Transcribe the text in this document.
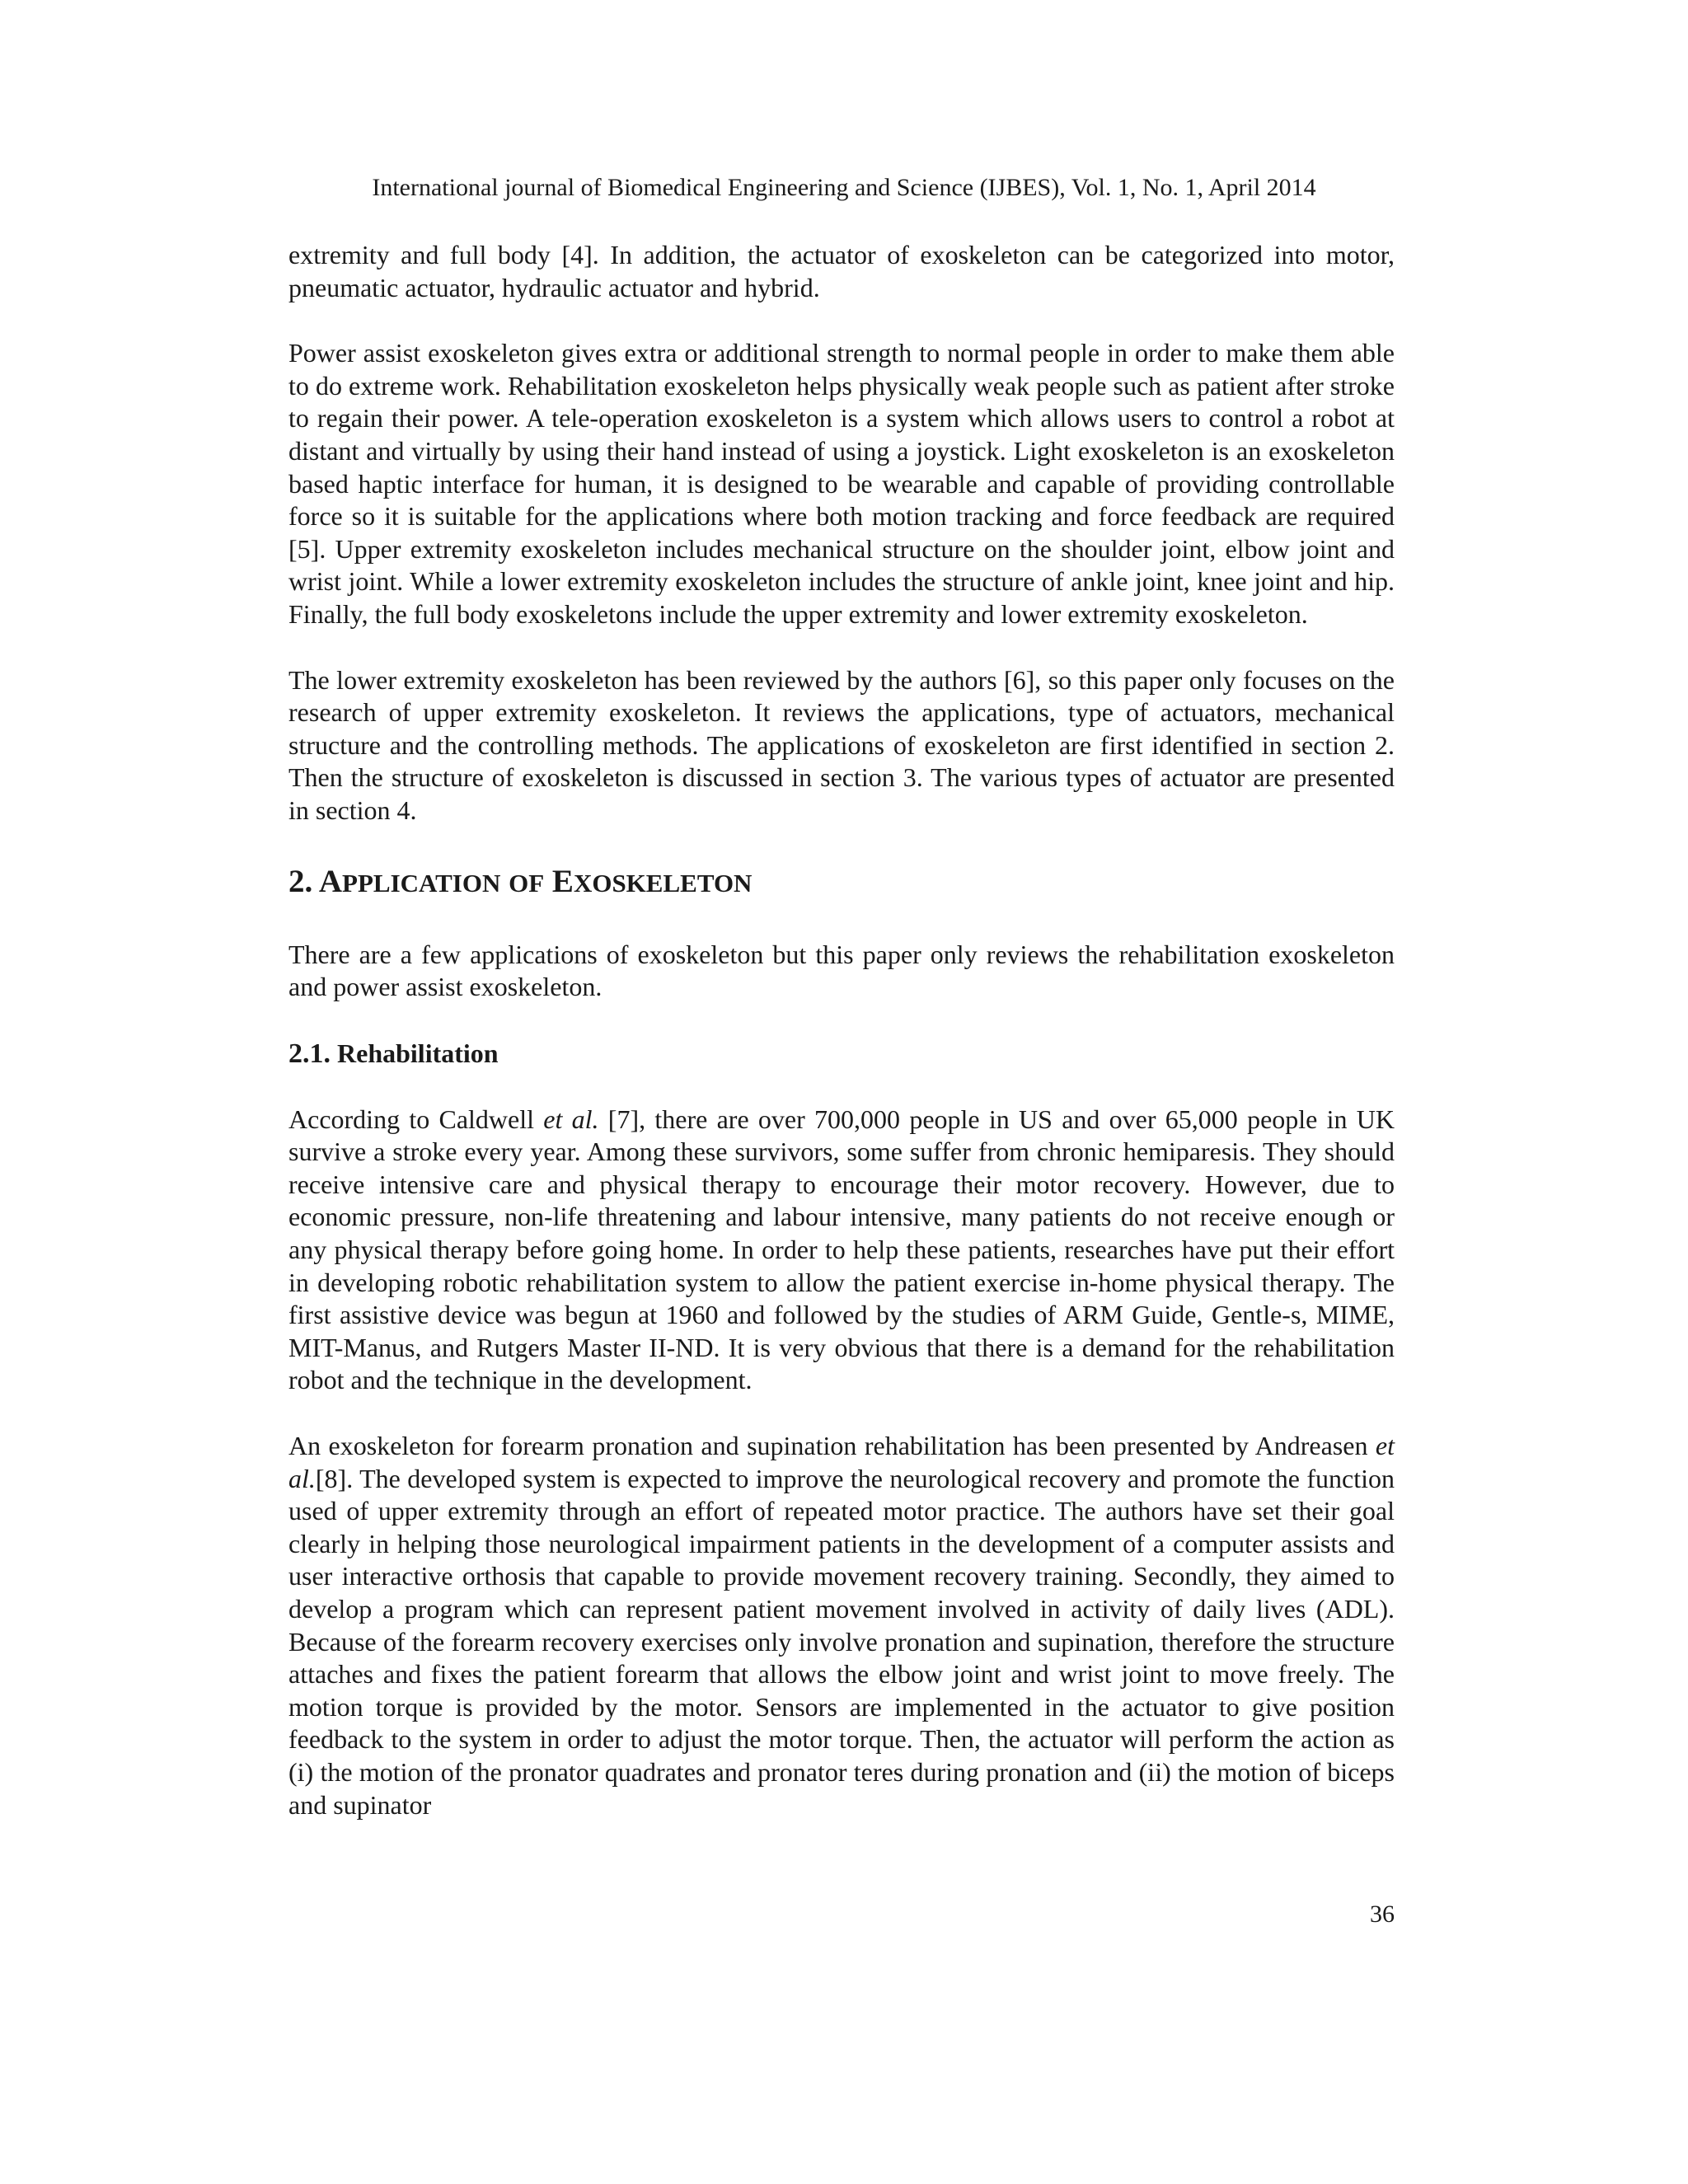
International journal of Biomedical Engineering and Science (IJBES), Vol. 1, No. 1, April 2014

extremity and full body [4]. In addition, the actuator of exoskeleton can be categorized into motor, pneumatic actuator, hydraulic actuator and hybrid.

Power assist exoskeleton gives extra or additional strength to normal people in order to make them able to do extreme work. Rehabilitation exoskeleton helps physically weak people such as patient after stroke to regain their power. A tele-operation exoskeleton is a system which allows users to control a robot at distant and virtually by using their hand instead of using a joystick. Light exoskeleton is an exoskeleton based haptic interface for human, it is designed to be wearable and capable of providing controllable force so it is suitable for the applications where both motion tracking and force feedback are required [5]. Upper extremity exoskeleton includes mechanical structure on the shoulder joint, elbow joint and wrist joint. While a lower extremity exoskeleton includes the structure of ankle joint, knee joint and hip. Finally, the full body exoskeletons include the upper extremity and lower extremity exoskeleton.

The lower extremity exoskeleton has been reviewed by the authors [6], so this paper only focuses on the research of upper extremity exoskeleton. It reviews the applications, type of actuators, mechanical structure and the controlling methods. The applications of exoskeleton are first identified in section 2. Then the structure of exoskeleton is discussed in section 3. The various types of actuator are presented in section 4.

2. APPLICATION OF EXOSKELETON

There are a few applications of exoskeleton but this paper only reviews the rehabilitation exoskeleton and power assist exoskeleton.

2.1. Rehabilitation

According to Caldwell et al. [7], there are over 700,000 people in US and over 65,000 people in UK survive a stroke every year. Among these survivors, some suffer from chronic hemiparesis. They should receive intensive care and physical therapy to encourage their motor recovery. However, due to economic pressure, non-life threatening and labour intensive, many patients do not receive enough or any physical therapy before going home. In order to help these patients, researches have put their effort in developing robotic rehabilitation system to allow the patient exercise in-home physical therapy. The first assistive device was begun at 1960 and followed by the studies of ARM Guide, Gentle-s, MIME, MIT-Manus, and Rutgers Master II-ND. It is very obvious that there is a demand for the rehabilitation robot and the technique in the development.

An exoskeleton for forearm pronation and supination rehabilitation has been presented by Andreasen et al.[8]. The developed system is expected to improve the neurological recovery and promote the function used of upper extremity through an effort of repeated motor practice. The authors have set their goal clearly in helping those neurological impairment patients in the development of a computer assists and user interactive orthosis that capable to provide movement recovery training. Secondly, they aimed to develop a program which can represent patient movement involved in activity of daily lives (ADL). Because of the forearm recovery exercises only involve pronation and supination, therefore the structure attaches and fixes the patient forearm that allows the elbow joint and wrist joint to move freely. The motion torque is provided by the motor. Sensors are implemented in the actuator to give position feedback to the system in order to adjust the motor torque. Then, the actuator will perform the action as (i) the motion of the pronator quadrates and pronator teres during pronation and (ii) the motion of biceps and supinator

36
